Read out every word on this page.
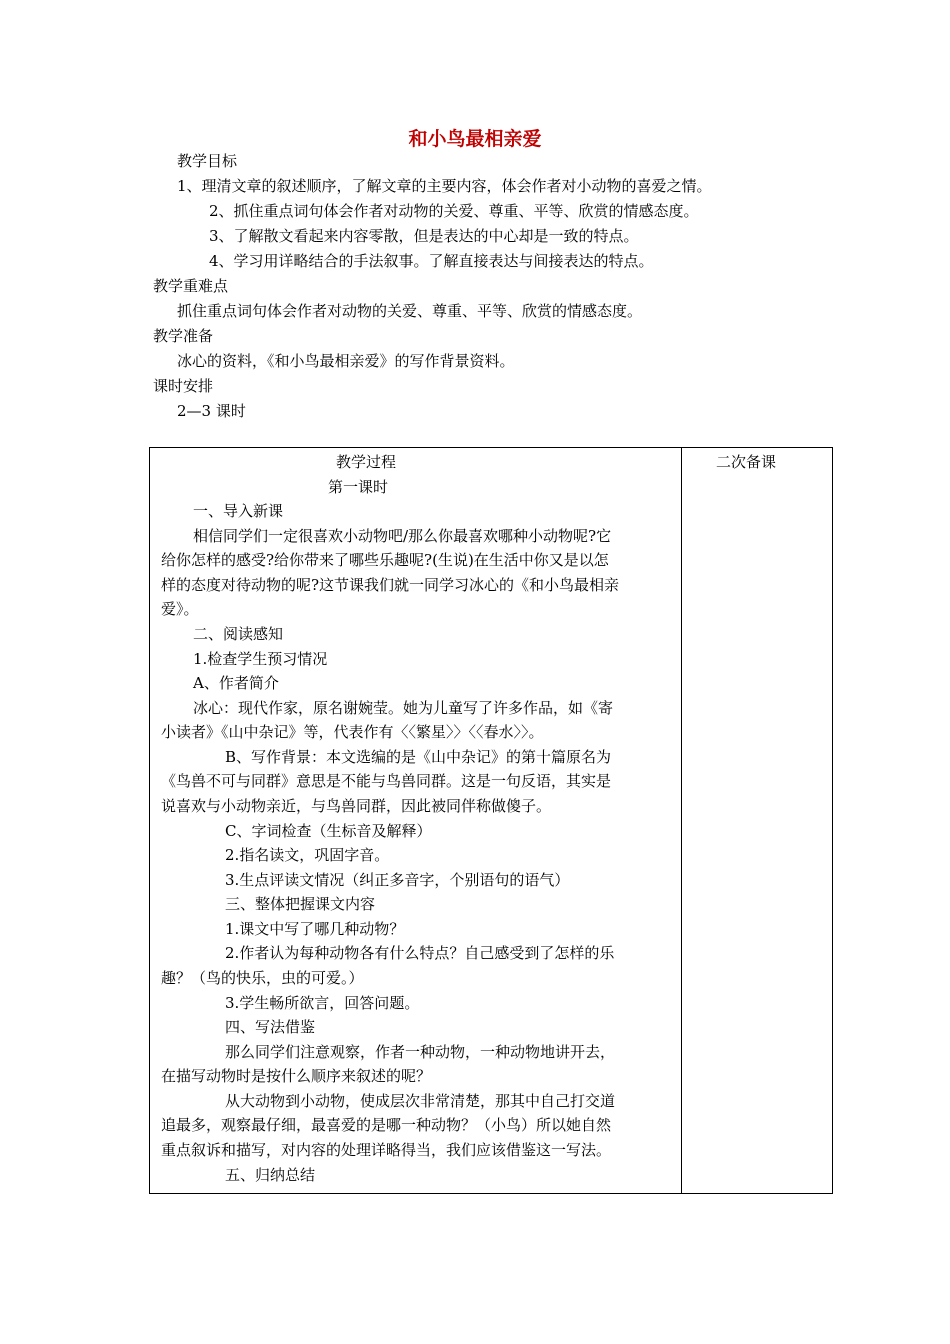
和小鸟最相亲爱
教学目标
1、理清文章的叙述顺序，了解文章的主要内容，体会作者对小动物的喜爱之情。
2、抓住重点词句体会作者对动物的关爱、尊重、平等、欣赏的情感态度。
3、了解散文看起来内容零散，但是表达的中心却是一致的特点。
4、学习用详略结合的手法叙事。了解直接表达与间接表达的特点。
教学重难点
抓住重点词句体会作者对动物的关爱、尊重、平等、欣赏的情感态度。
教学准备
冰心的资料，《和小鸟最相亲爱》的写作背景资料。
课时安排
2—3 课时
教学过程	二次备课
第一课时
一、导入新课
相信同学们一定很喜欢小动物吧/那么你最喜欢哪种小动物呢?它
给你怎样的感受?给你带来了哪些乐趣呢?(生说)在生活中你又是以怎
样的态度对待动物的呢?这节课我们就一同学习冰心的《和小鸟最相亲
爱》。
二、阅读感知
1.检查学生预习情况
A、作者简介
冰心：现代作家，原名谢婉莹。她为儿童写了许多作品，如《寄
小读者》《山中杂记》等，代表作有〈〈繁星〉〉〈〈春水〉〉。
B、写作背景：本文选编的是《山中杂记》的第十篇原名为
《鸟兽不可与同群》意思是不能与鸟兽同群。这是一句反语，其实是
说喜欢与小动物亲近，与鸟兽同群，因此被同伴称做傻子。
C、字词检查（生标音及解释）
2.指名读文，巩固字音。
3.生点评读文情况（纠正多音字，个别语句的语气）
三、整体把握课文内容
1.课文中写了哪几种动物？
2.作者认为每种动物各有什么特点？自己感受到了怎样的乐
趣？（鸟的快乐，虫的可爱。）
3.学生畅所欲言，回答问题。
四、写法借鉴
那么同学们注意观察，作者一种动物，一种动物地讲开去，
在描写动物时是按什么顺序来叙述的呢？
从大动物到小动物，使成层次非常清楚，那其中自己打交道
追最多，观察最仔细，最喜爱的是哪一种动物？（小鸟）所以她自然
重点叙诉和描写，对内容的处理详略得当，我们应该借鉴这一写法。
五、归纳总结
